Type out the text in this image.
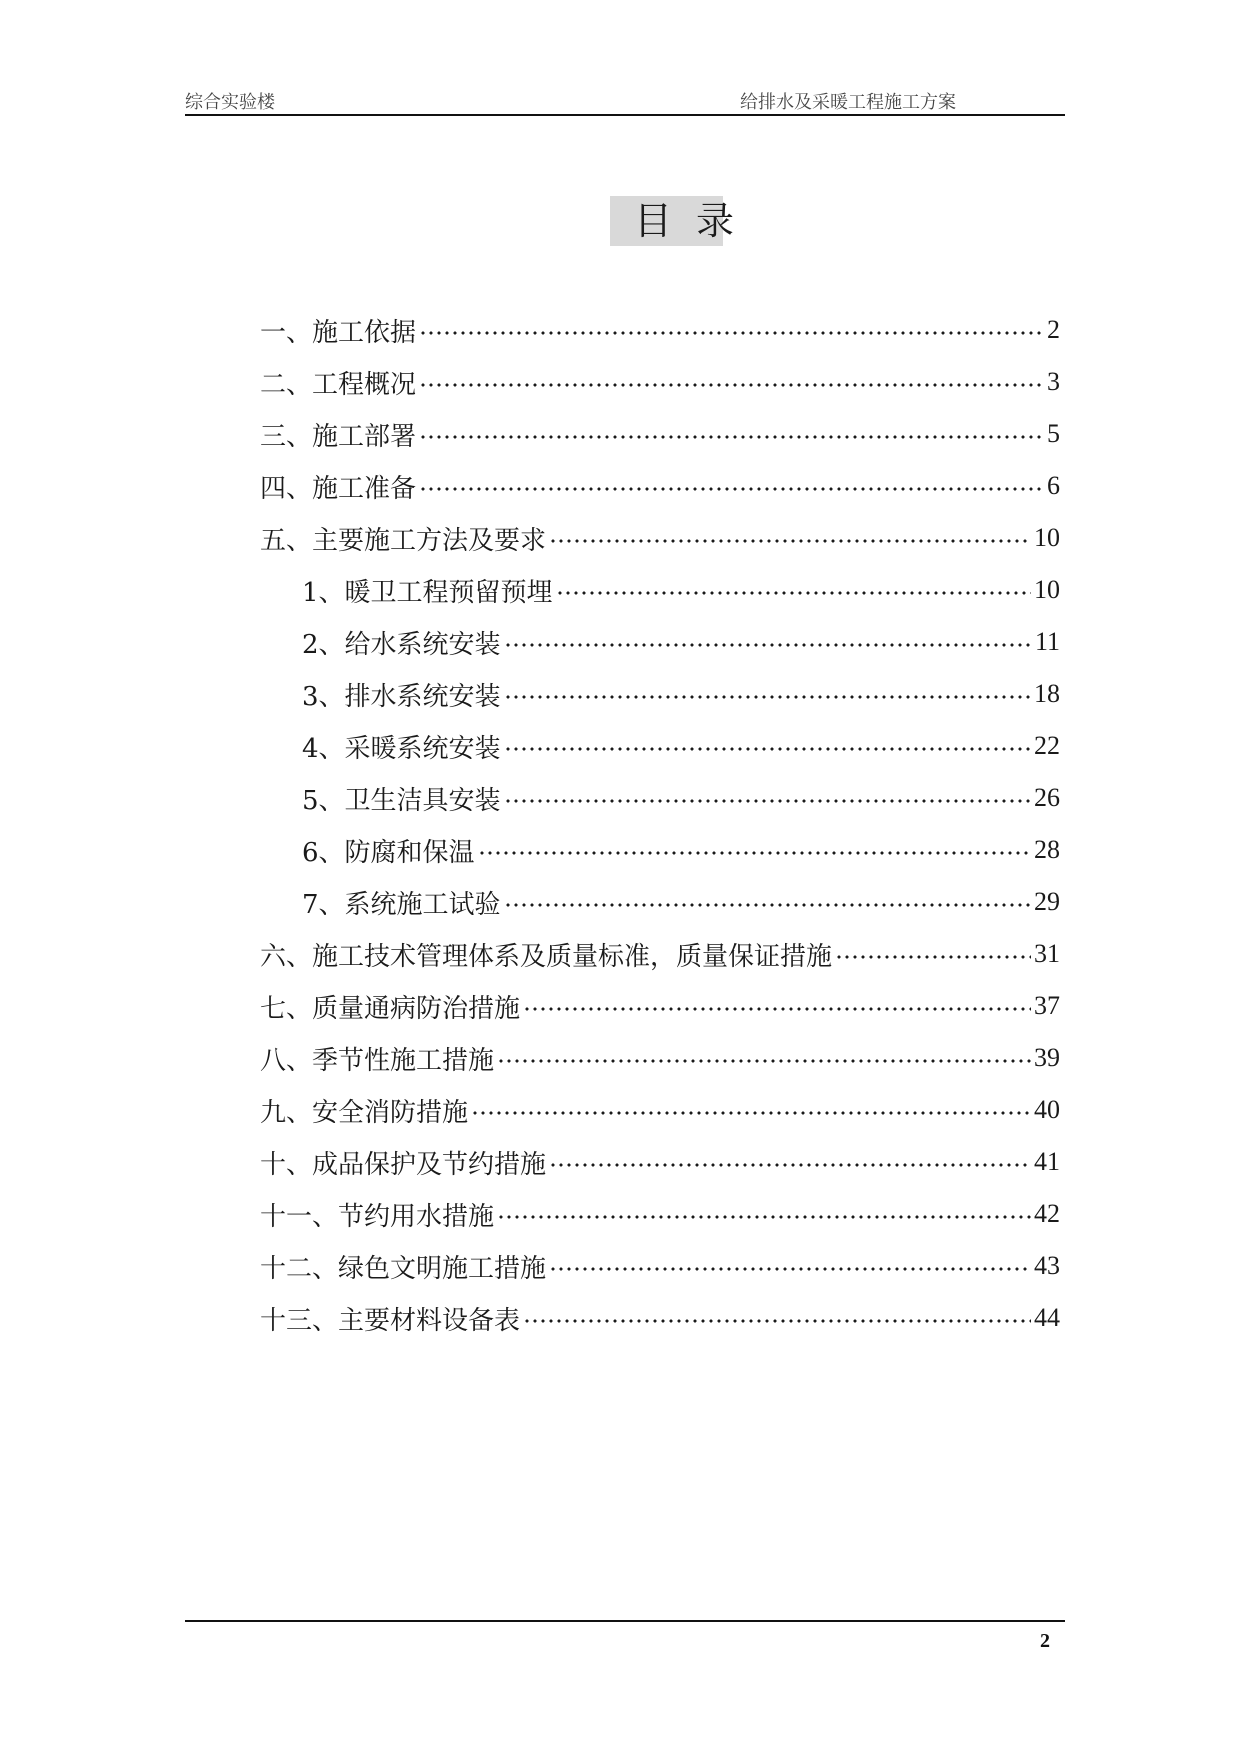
综合实验楼	给排水及采暖工程施工方案
目录
一、施工依据	2
二、工程概况	3
三、施工部署	5
四、施工准备	6
五、主要施工方法及要求	10
1、暖卫工程预留预埋	10
2、给水系统安装	11
3、排水系统安装	18
4、采暖系统安装	22
5、卫生洁具安装	26
6、防腐和保温	28
7、系统施工试验	29
六、施工技术管理体系及质量标准，质量保证措施	31
七、质量通病防治措施	37
八、季节性施工措施	39
九、安全消防措施	40
十、成品保护及节约措施	41
十一、节约用水措施	42
十二、绿色文明施工措施	43
十三、主要材料设备表	44
2
